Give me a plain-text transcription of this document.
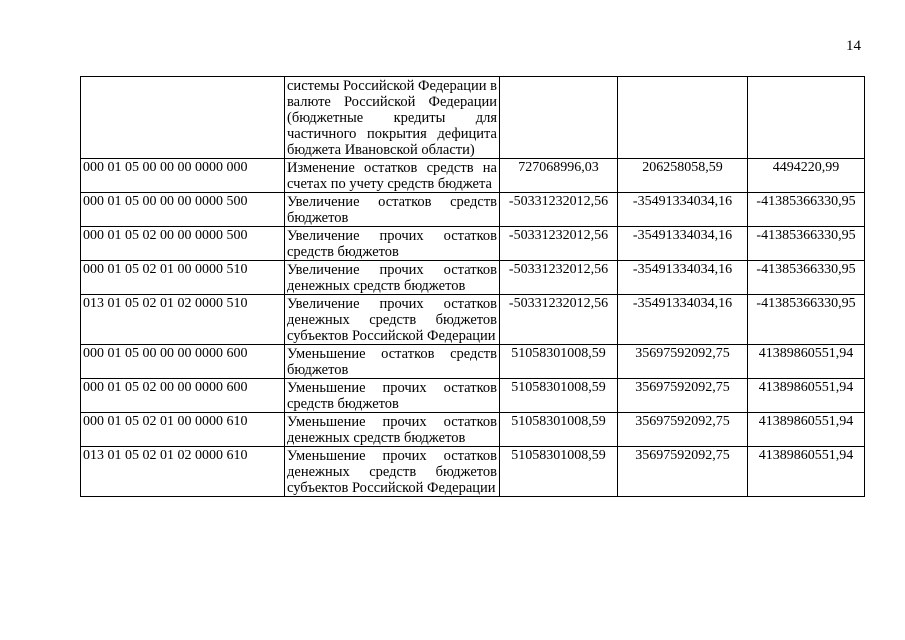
14
	системы Российской Федерации в валюте Российской Федерации (бюджетные кредиты для частичного покрытия дефицита бюджета Ивановской области)			
000 01 05 00 00 00 0000 000	Изменение остатков средств на счетах по учету средств бюджета	727068996,03	206258058,59	4494220,99
000 01 05 00 00 00 0000 500	Увеличение остатков средств бюджетов	-50331232012,56	-35491334034,16	-41385366330,95
000 01 05 02 00 00 0000 500	Увеличение прочих остатков средств бюджетов	-50331232012,56	-35491334034,16	-41385366330,95
000 01 05 02 01 00 0000 510	Увеличение прочих остатков денежных средств бюджетов	-50331232012,56	-35491334034,16	-41385366330,95
013 01 05 02 01 02 0000 510	Увеличение прочих остатков денежных средств бюджетов субъектов Российской Федерации	-50331232012,56	-35491334034,16	-41385366330,95
000 01 05 00 00 00 0000 600	Уменьшение остатков средств бюджетов	51058301008,59	35697592092,75	41389860551,94
000 01 05 02 00 00 0000 600	Уменьшение прочих остатков средств бюджетов	51058301008,59	35697592092,75	41389860551,94
000 01 05 02 01 00 0000 610	Уменьшение прочих остатков денежных средств бюджетов	51058301008,59	35697592092,75	41389860551,94
013 01 05 02 01 02 0000 610	Уменьшение прочих остатков денежных средств бюджетов субъектов Российской Федерации	51058301008,59	35697592092,75	41389860551,94
